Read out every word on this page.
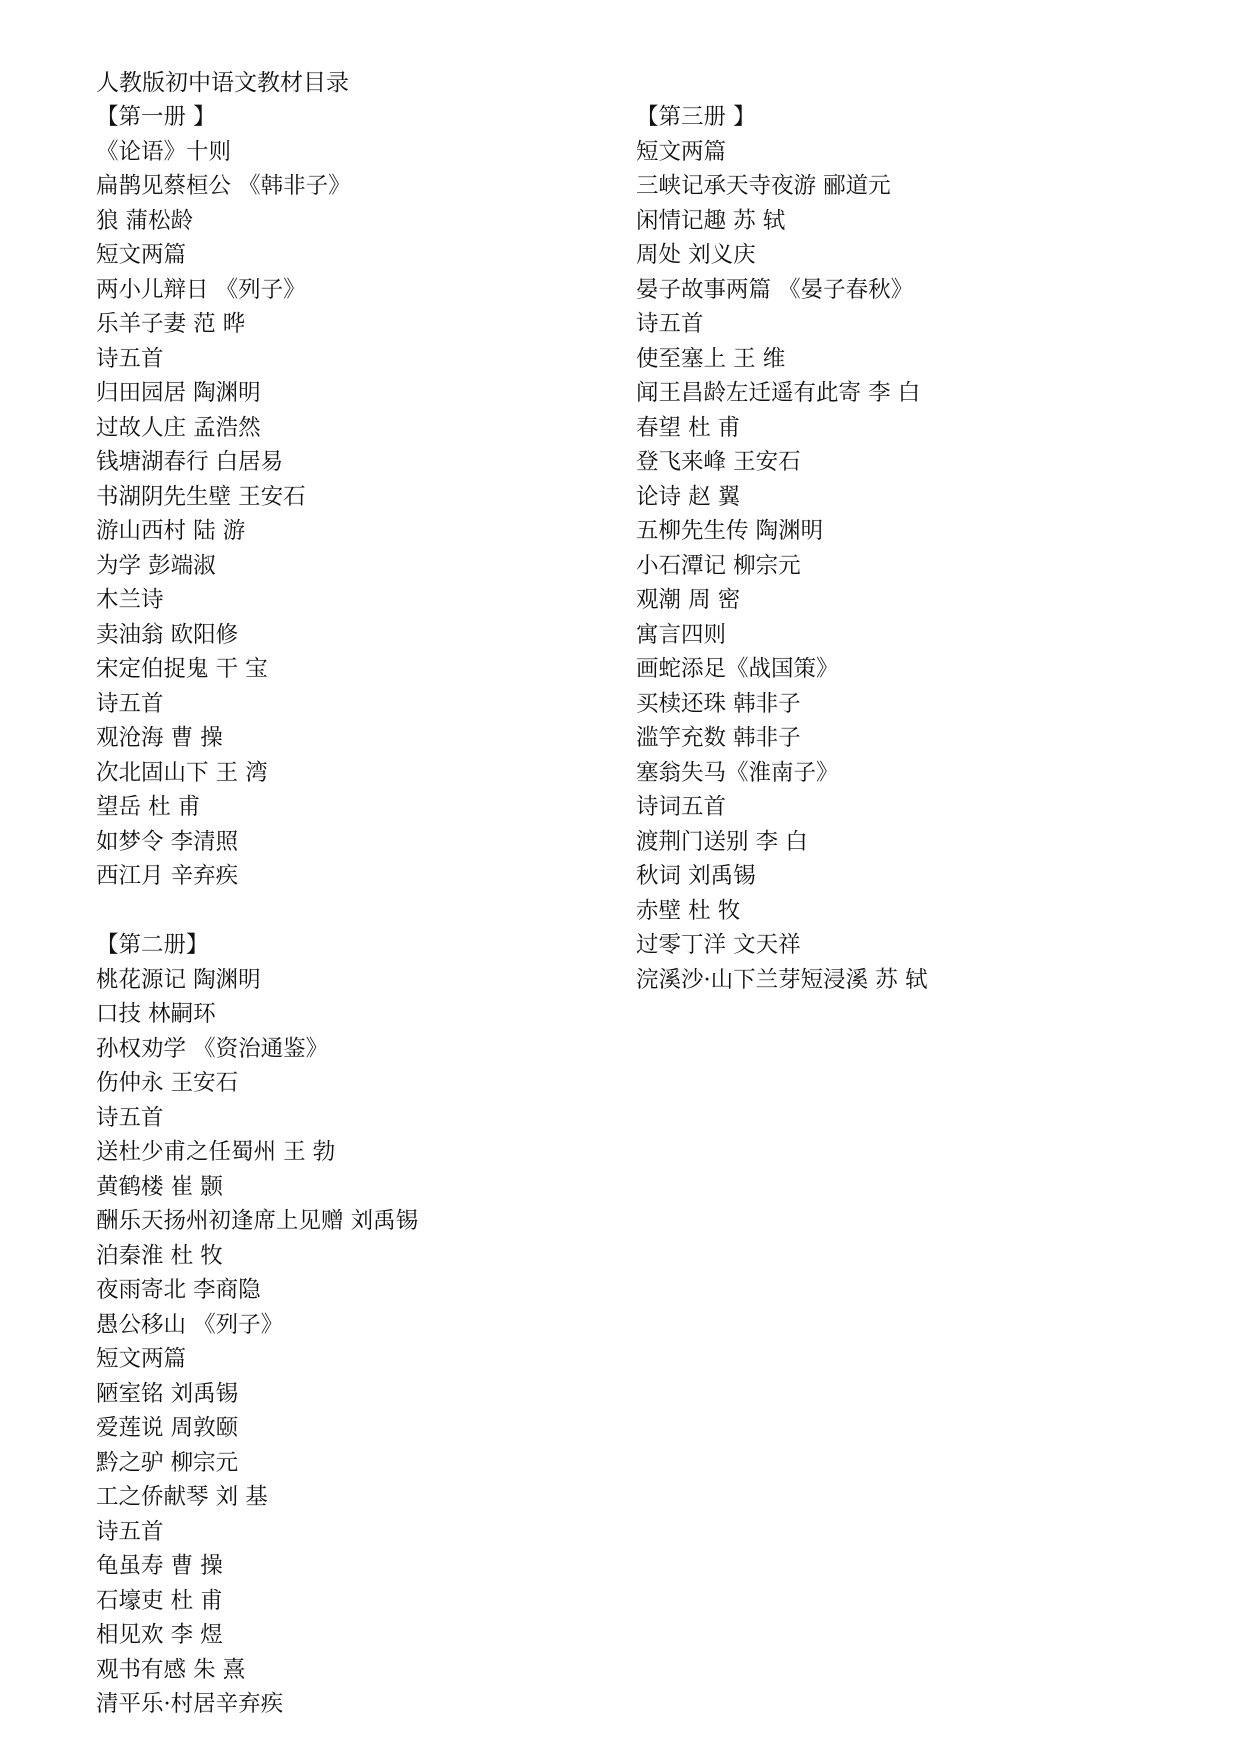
人教版初中语文教材目录
【第一册 】
《论语》十则
扁鹊见蔡桓公 《韩非子》
狼 蒲松龄
短文两篇
两小儿辩日 《列子》
乐羊子妻 范 晔
诗五首
归田园居 陶渊明
过故人庄 孟浩然
钱塘湖春行 白居易
书湖阴先生壁 王安石
游山西村 陆 游
为学 彭端淑
木兰诗
卖油翁 欧阳修
宋定伯捉鬼 干 宝
诗五首
观沧海 曹 操
次北固山下 王 湾
望岳 杜 甫
如梦令 李清照
西江月 辛弃疾
【第二册】
桃花源记 陶渊明
口技 林嗣环
孙权劝学 《资治通鉴》
伤仲永 王安石
诗五首
送杜少甫之任蜀州 王 勃
黄鹤楼 崔 颢
酬乐天扬州初逢席上见赠 刘禹锡
泊秦淮 杜 牧
夜雨寄北 李商隐
愚公移山 《列子》
短文两篇
陋室铭 刘禹锡
爱莲说 周敦颐
黔之驴 柳宗元
工之侨献琴 刘 基
诗五首
龟虽寿 曹 操
石壕吏 杜 甫
相见欢 李 煜
观书有感 朱 熹
清平乐·村居辛弃疾
【第三册 】
短文两篇
三峡记承天寺夜游 郦道元
闲情记趣 苏 轼
周处 刘义庆
晏子故事两篇 《晏子春秋》
诗五首
使至塞上 王 维
闻王昌龄左迁遥有此寄 李 白
春望 杜 甫
登飞来峰 王安石
论诗 赵 翼
五柳先生传 陶渊明
小石潭记 柳宗元
观潮 周 密
寓言四则
画蛇添足《战国策》
买椟还珠 韩非子
滥竽充数 韩非子
塞翁失马《淮南子》
诗词五首
渡荆门送别 李 白
秋词 刘禹锡
赤壁 杜 牧
过零丁洋 文天祥
浣溪沙·山下兰芽短浸溪 苏 轼
